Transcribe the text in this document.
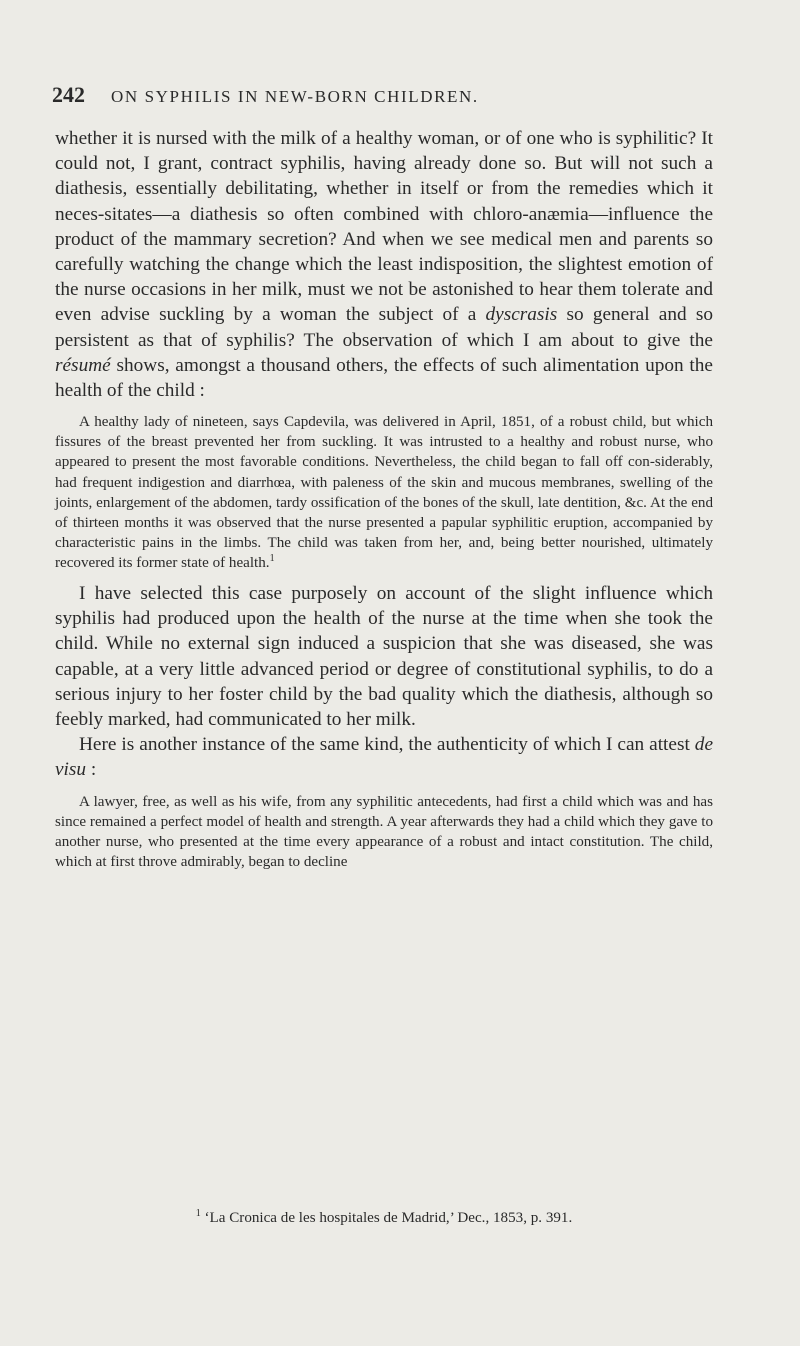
242 ON SYPHILIS IN NEW-BORN CHILDREN.

whether it is nursed with the milk of a healthy woman, or of one who is syphilitic? It could not, I grant, contract syphilis, having already done so. But will not such a diathesis, essentially debilitating, whether in itself or from the remedies which it neces-sitates—a diathesis so often combined with chloro-anæmia—influence the product of the mammary secretion? And when we see medical men and parents so carefully watching the change which the least indisposition, the slightest emotion of the nurse occasions in her milk, must we not be astonished to hear them tolerate and even advise suckling by a woman the subject of a dyscrasis so general and so persistent as that of syphilis? The observation of which I am about to give the résumé shows, amongst a thousand others, the effects of such alimentation upon the health of the child :

A healthy lady of nineteen, says Capdevila, was delivered in April, 1851, of a robust child, but which fissures of the breast prevented her from suckling. It was intrusted to a healthy and robust nurse, who appeared to present the most favorable conditions. Nevertheless, the child began to fall off con-siderably, had frequent indigestion and diarrhœa, with paleness of the skin and mucous membranes, swelling of the joints, enlargement of the abdomen, tardy ossification of the bones of the skull, late dentition, &c. At the end of thirteen months it was observed that the nurse presented a papular syphilitic eruption, accompanied by characteristic pains in the limbs. The child was taken from her, and, being better nourished, ultimately recovered its former state of health.$^1$

I have selected this case purposely on account of the slight influence which syphilis had produced upon the health of the nurse at the time when she took the child. While no external sign induced a suspicion that she was diseased, she was capable, at a very little advanced period or degree of constitutional syphilis, to do a serious injury to her foster child by the bad quality which the diathesis, although so feebly marked, had communicated to her milk.

Here is another instance of the same kind, the authenticity of which I can attest de visu :

A lawyer, free, as well as his wife, from any syphilitic antecedents, had first a child which was and has since remained a perfect model of health and strength. A year afterwards they had a child which they gave to another nurse, who presented at the time every appearance of a robust and intact constitution. The child, which at first throve admirably, began to decline

$^1$ ‘La Cronica de les hospitales de Madrid,’ Dec., 1853, p. 391.
